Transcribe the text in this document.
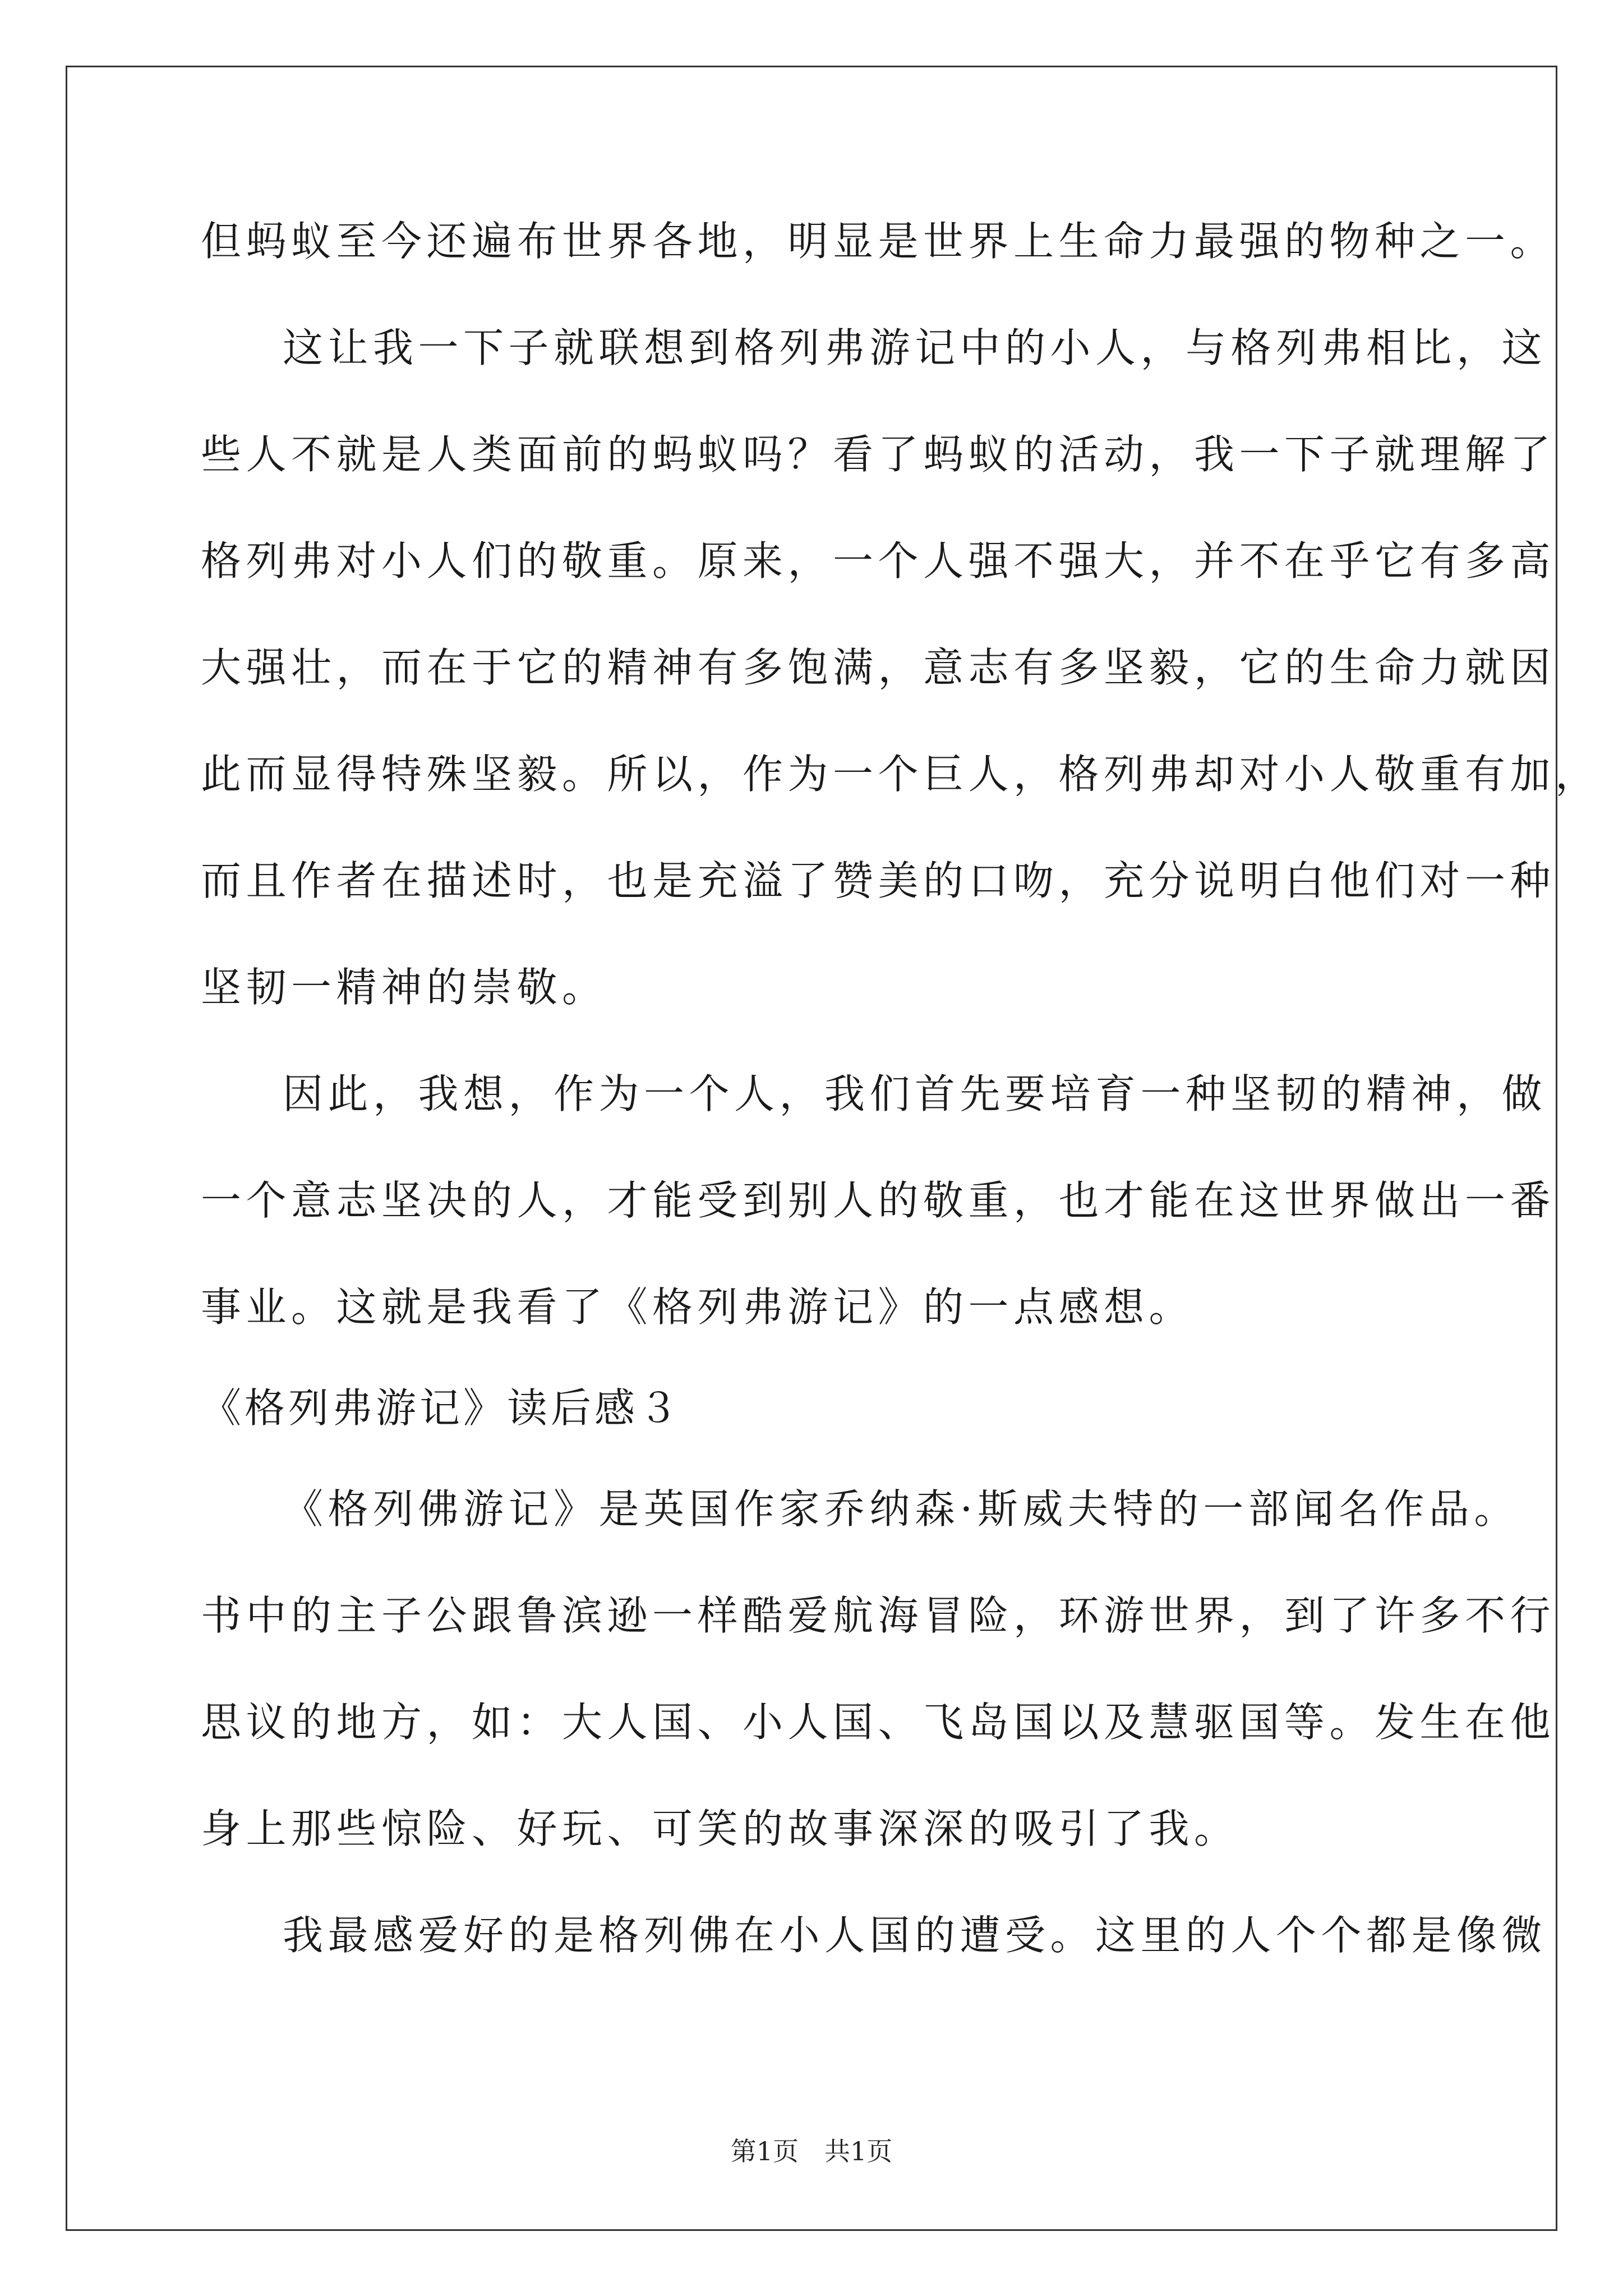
但蚂蚁至今还遍布世界各地，明显是世界上生命力最强的物种之一。
这让我一下子就联想到格列弗游记中的小人，与格列弗相比，这
些人不就是人类面前的蚂蚁吗？看了蚂蚁的活动，我一下子就理解了
格列弗对小人们的敬重。原来，一个人强不强大，并不在乎它有多高
大强壮，而在于它的精神有多饱满，意志有多坚毅，它的生命力就因
此而显得特殊坚毅。所以，作为一个巨人，格列弗却对小人敬重有加，
而且作者在描述时，也是充溢了赞美的口吻，充分说明白他们对一种
坚韧一精神的崇敬。
因此，我想，作为一个人，我们首先要培育一种坚韧的精神，做
一个意志坚决的人，才能受到别人的敬重，也才能在这世界做出一番
事业。这就是我看了《格列弗游记》的一点感想。
《格列弗游记》读后感３
《格列佛游记》是英国作家乔纳森·斯威夫特的一部闻名作品。
书中的主子公跟鲁滨逊一样酷爱航海冒险，环游世界，到了许多不行
思议的地方，如：大人国、小人国、飞岛国以及慧驱国等。发生在他
身上那些惊险、好玩、可笑的故事深深的吸引了我。
我最感爱好的是格列佛在小人国的遭受。这里的人个个都是像微
第1页　共1页
